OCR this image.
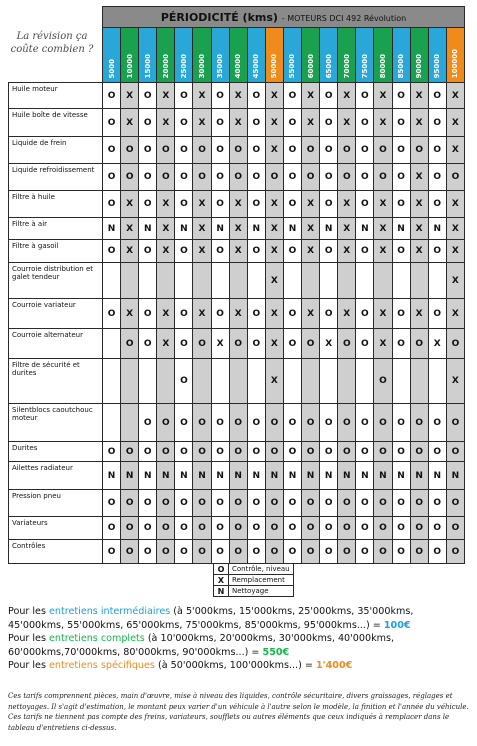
La révision ça coûte combien ?
	PÉRIODICITÉ (kms) - MOTEURS DCI 492 Révolution																			
	5000	10000	15000	20000	25000	30000	35000	40000	45000	50000	55000	60000	65000	70000	75000	80000	85000	90000	95000	100000
Huile moteur	O	X	O	X	O	X	O	X	O	X	O	X	O	X	O	X	O	X	O	X
Huile boîte de vitesse	O	X	O	X	O	X	O	X	O	X	O	X	O	X	O	X	O	X	O	X
Liquide de frein	O	O	O	O	O	O	O	O	O	X	O	O	O	O	O	O	O	O	O	X
Liquide refroidissement	O	O	O	O	O	O	O	O	O	O	O	O	O	O	O	O	O	X	O	O
Filtre à huile	O	X	O	X	O	X	O	X	O	X	O	X	O	X	O	X	O	X	O	X
Filtre à air	N	X	N	X	N	X	N	X	N	X	N	X	N	X	N	X	N	X	N	X
Filtre à gasoil	O	X	O	X	O	X	O	X	O	X	O	X	O	X	O	X	O	X	O	X
Courroie distribution et galet tendeur										X										X
Courroie variateur	O	X	O	X	O	X	O	X	O	X	O	X	O	X	O	X	O	X	O	X
Courroie alternateur		O	O	X	O	O	X	O	O	X	O	O	X	O	O	X	O	O	X	O
Filtre de sécurité et durites					O					X						O				X
Silentblocs caoutchouc moteur			O	O	O	O	O	O	O	O	O	O	O	O	O	O	O	O	O	O
Durites	O	O	O	O	O	O	O	O	O	O	O	O	O	O	O	O	O	O	O	O
Ailettes radiateur	N	N	N	N	N	N	N	N	N	N	N	N	N	N	N	N	N	N	N	N
Pression pneu	O	O	O	O	O	O	O	O	O	O	O	O	O	O	O	O	O	O	O	O
Variateurs	O	O	O	O	O	O	O	O	O	O	O	O	O	O	O	O	O	O	O	O
Contrôles	O	O	O	O	O	O	O	O	O	O	O	O	O	O	O	O	O	O	O	O
O	Contrôle, niveau
X	Remplacement
N	Nettoyage
Pour les entretiens intermédiaires (à 5'000kms, 15'000kms, 25'000kms, 35'000kms, 45'000kms, 55'000kms, 65'000kms, 75'000kms, 85'000kms, 95'000kms...) = 100€
Pour les entretiens complets (à 10'000kms, 20'000kms, 30'000kms, 40'000kms, 60'000kms,70'000kms, 80'000kms, 90'000kms...) = 550€
Pour les entretiens spécifiques (à 50'000kms, 100'000kms...) = 1'400€
Ces tarifs comprennent pièces, main d'œuvre, mise à niveau des liquides, contrôle sécuritaire, divers graissages, réglages et nettoyages. Il s'agit d'estimation, le montant peux varier d'un véhicule à l'autre selon le modèle, la finition et l'année du véhicule. Ces tarifs ne tiennent pas compte des freins, variateurs, soufflets ou autres éléments que ceux indiqués à remplacer dans le tableau d'entretiens ci-dessus.
